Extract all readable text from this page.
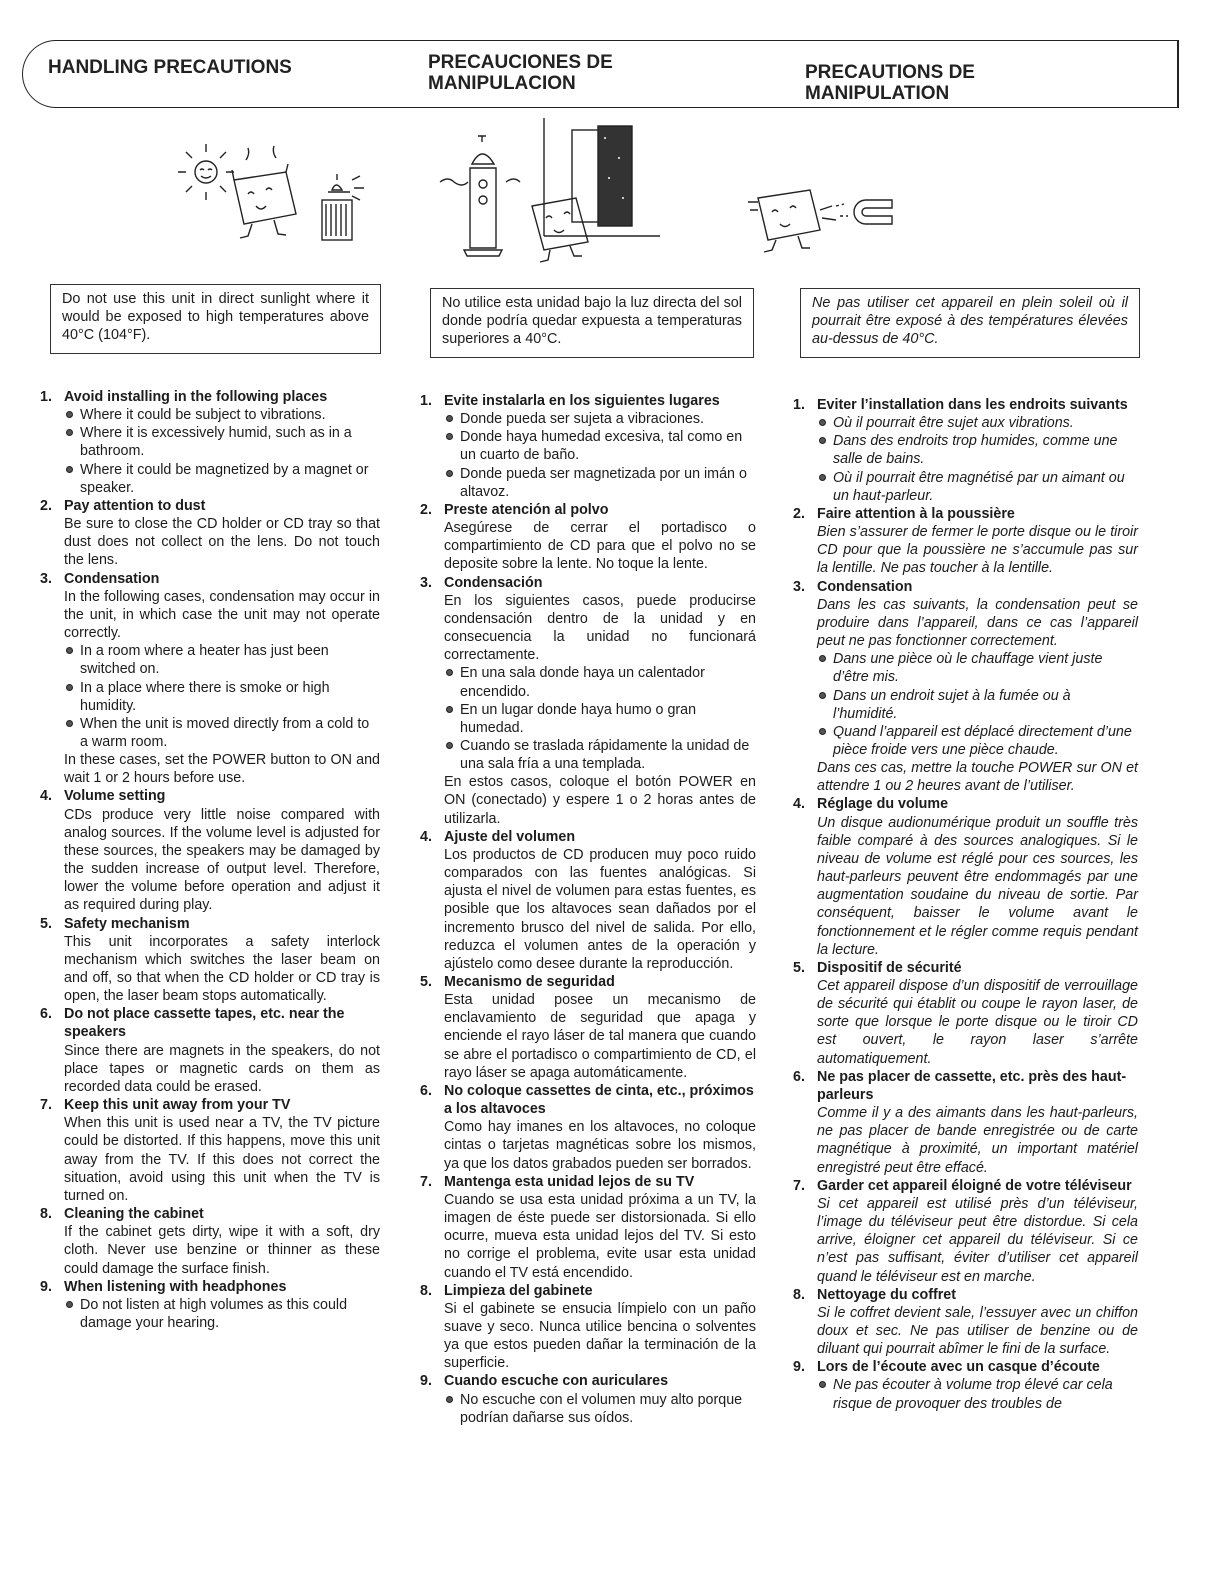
HANDLING PRECAUTIONS	PRECAUCIONES DE MANIPULACION
PRECAUTIONS DE MANIPULATION
Do not use this unit in direct sunlight where it would be exposed to high temperatures above 40°C (104°F).
No utilice esta unidad bajo la luz directa del sol donde podría quedar expuesta a temperaturas superiores a 40°C.
Ne pas utiliser cet appareil en plein soleil où il pourrait être exposé à des températures élevées au-dessus de 40°C.
1. Avoid installing in the following places
Where it could be subject to vibrations.
Where it is excessively humid, such as in a bathroom.
Where it could be magnetized by a magnet or speaker.
2. Pay attention to dust
Be sure to close the CD holder or CD tray so that dust does not collect on the lens. Do not touch the lens.
3. Condensation
In the following cases, condensation may occur in the unit, in which case the unit may not operate correctly.
In a room where a heater has just been switched on.
In a place where there is smoke or high humidity.
When the unit is moved directly from a cold to a warm room.
In these cases, set the POWER button to ON and wait 1 or 2 hours before use.
4. Volume setting
CDs produce very little noise compared with analog sources. If the volume level is adjusted for these sources, the speakers may be damaged by the sudden increase of output level. Therefore, lower the volume before operation and adjust it as required during play.
5. Safety mechanism
This unit incorporates a safety interlock mechanism which switches the laser beam on and off, so that when the CD holder or CD tray is open, the laser beam stops automatically.
6. Do not place cassette tapes, etc. near the speakers
Since there are magnets in the speakers, do not place tapes or magnetic cards on them as recorded data could be erased.
7. Keep this unit away from your TV
When this unit is used near a TV, the TV picture could be distorted. If this happens, move this unit away from the TV. If this does not correct the situation, avoid using this unit when the TV is turned on.
8. Cleaning the cabinet
If the cabinet gets dirty, wipe it with a soft, dry cloth. Never use benzine or thinner as these could damage the surface finish.
9. When listening with headphones
Do not listen at high volumes as this could damage your hearing.
1. Evite instalarla en los siguientes lugares
Donde pueda ser sujeta a vibraciones.
Donde haya humedad excesiva, tal como en un cuarto de baño.
Donde pueda ser magnetizada por un imán o altavoz.
2. Preste atención al polvo
Asegúrese de cerrar el portadisco o compartimiento de CD para que el polvo no se deposite sobre la lente. No toque la lente.
3. Condensación
En los siguientes casos, puede producirse condensación dentro de la unidad y en consecuencia la unidad no funcionará correctamente.
En una sala donde haya un calentador encendido.
En un lugar donde haya humo o gran humedad.
Cuando se traslada rápidamente la unidad de una sala fría a una templada.
En estos casos, coloque el botón POWER en ON (conectado) y espere 1 o 2 horas antes de utilizarla.
4. Ajuste del volumen
Los productos de CD producen muy poco ruido comparados con las fuentes analógicas. Si ajusta el nivel de volumen para estas fuentes, es posible que los altavoces sean dañados por el incremento brusco del nivel de salida. Por ello, reduzca el volumen antes de la operación y ajústelo como desee durante la reproducción.
5. Mecanismo de seguridad
Esta unidad posee un mecanismo de enclavamiento de seguridad que apaga y enciende el rayo láser de tal manera que cuando se abre el portadisco o compartimiento de CD, el rayo láser se apaga automáticamente.
6. No coloque cassettes de cinta, etc., próximos a los altavoces
Como hay imanes en los altavoces, no coloque cintas o tarjetas magnéticas sobre los mismos, ya que los datos grabados pueden ser borrados.
7. Mantenga esta unidad lejos de su TV
Cuando se usa esta unidad próxima a un TV, la imagen de éste puede ser distorsionada. Si ello ocurre, mueva esta unidad lejos del TV. Si esto no corrige el problema, evite usar esta unidad cuando el TV está encendido.
8. Limpieza del gabinete
Si el gabinete se ensucia límpielo con un paño suave y seco. Nunca utilice bencina o solventes ya que estos pueden dañar la terminación de la superficie.
9. Cuando escuche con auriculares
No escuche con el volumen muy alto porque podrían dañarse sus oídos.
1. Eviter l’installation dans les endroits suivants
Où il pourrait être sujet aux vibrations.
Dans des endroits trop humides, comme une salle de bains.
Où il pourrait être magnétisé par un aimant ou un haut-parleur.
2. Faire attention à la poussière
Bien s’assurer de fermer le porte disque ou le tiroir CD pour que la poussière ne s’accumule pas sur la lentille. Ne pas toucher à la lentille.
3. Condensation
Dans les cas suivants, la condensation peut se produire dans l’appareil, dans ce cas l’appareil peut ne pas fonctionner correctement.
Dans une pièce où le chauffage vient juste d’être mis.
Dans un endroit sujet à la fumée ou à l’humidité.
Quand l’appareil est déplacé directement d’une pièce froide vers une pièce chaude.
Dans ces cas, mettre la touche POWER sur ON et attendre 1 ou 2 heures avant de l’utiliser.
4. Réglage du volume
Un disque audionumérique produit un souffle très faible comparé à des sources analogiques. Si le niveau de volume est réglé pour ces sources, les haut-parleurs peuvent être endommagés par une augmentation soudaine du niveau de sortie. Par conséquent, baisser le volume avant le fonctionnement et le régler comme requis pendant la lecture.
5. Dispositif de sécurité
Cet appareil dispose d’un dispositif de verrouillage de sécurité qui établit ou coupe le rayon laser, de sorte que lorsque le porte disque ou le tiroir CD est ouvert, le rayon laser s’arrête automatiquement.
6. Ne pas placer de cassette, etc. près des haut-parleurs
Comme il y a des aimants dans les haut-parleurs, ne pas placer de bande enregistrée ou de carte magnétique à proximité, un important matériel enregistré peut être effacé.
7. Garder cet appareil éloigné de votre téléviseur
Si cet appareil est utilisé près d’un téléviseur, l’image du téléviseur peut être distordue. Si cela arrive, éloigner cet appareil du téléviseur. Si ce n’est pas suffisant, éviter d’utiliser cet appareil quand le téléviseur est en marche.
8. Nettoyage du coffret
Si le coffret devient sale, l’essuyer avec un chiffon doux et sec. Ne pas utiliser de benzine ou de diluant qui pourrait abîmer le fini de la surface.
9. Lors de l’écoute avec un casque d’écoute
Ne pas écouter à volume trop élevé car cela risque de provoquer des troubles de
